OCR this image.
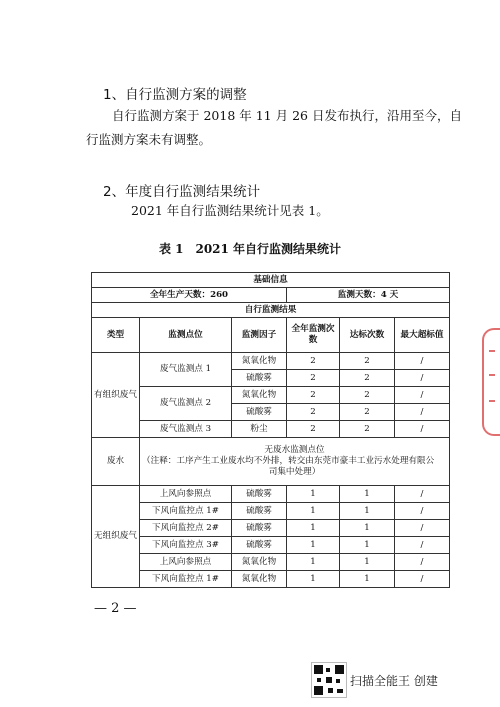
1、自行监测方案的调整
自行监测方案于 2018 年 11 月 26 日发布执行，沿用至今，自
行监测方案未有调整。
2、年度自行监测结果统计
2021 年自行监测结果统计见表 1。
表 1　2021 年自行监测结果统计
基础信息					
全年生产天数：260			监测天数：4 天		
自行监测结果					
类型	监测点位	监测因子	全年监测次数	达标次数	最大超标值
有组织废气	废气监测点 1	氮氧化物	2	2	/
		硫酸雾	2	2	/
	废气监测点 2	氮氧化物	2	2	/
		硫酸雾	2	2	/
	废气监测点 3	粉尘	2	2	/
废水	无废水监测点位
（注释：工序产生工业废水均不外排，转交由东莞市豪丰工业污水处理有限公
司集中处理）				

无组织废气	上风向参照点	硫酸雾	1	1	/
	下风向监控点 1#	硫酸雾	1	1	/
	下风向监控点 2#	硫酸雾	1	1	/
	下风向监控点 3#	硫酸雾	1	1	/
	上风向参照点	氮氧化物	1	1	/
	下风向监控点 1#	氮氧化物	1	1	/
— 2 —
扫描全能王 创建
